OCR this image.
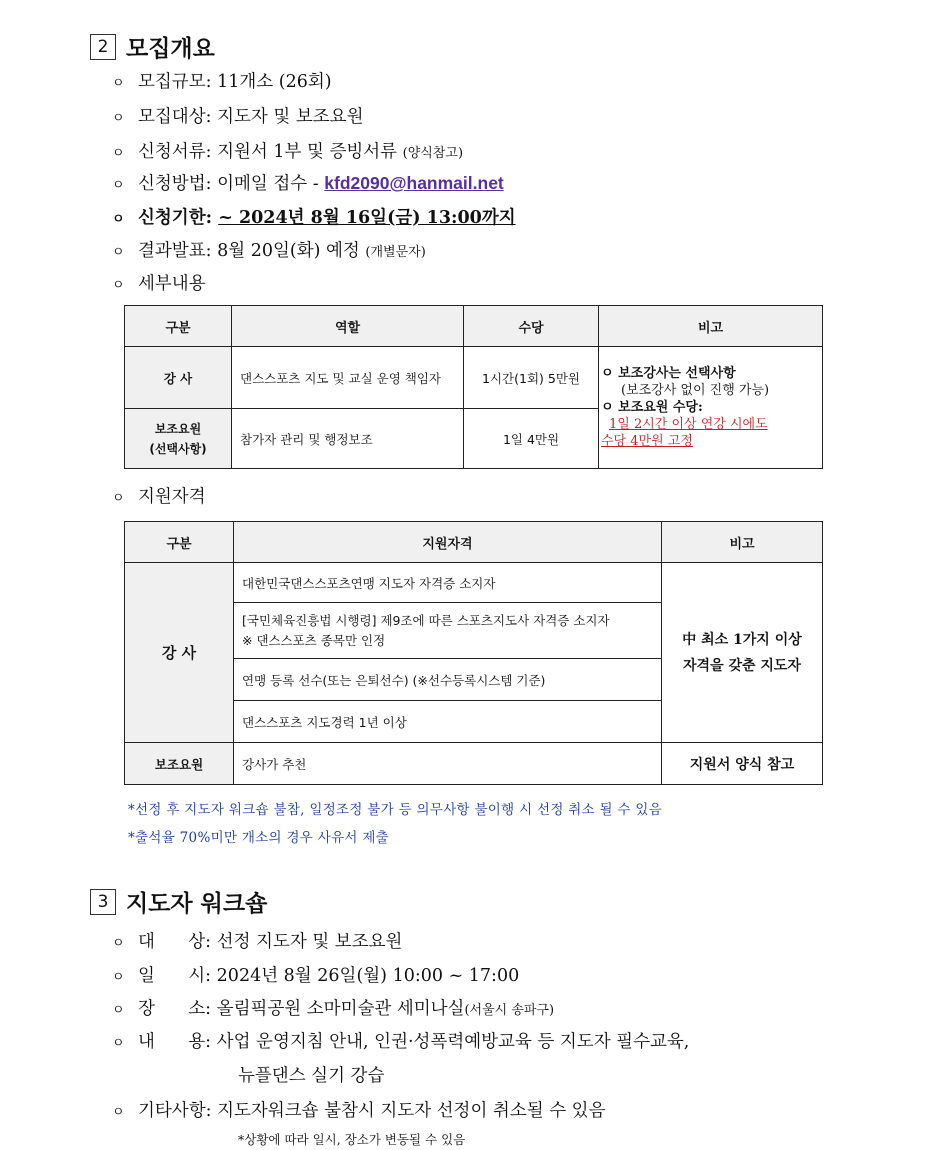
2 모집개요
ㅇ 모집규모: 11개소 (26회)
ㅇ 모집대상: 지도자 및 보조요원
ㅇ 신청서류: 지원서 1부 및 증빙서류 (양식참고)
ㅇ 신청방법: 이메일 접수 - kfd2090@hanmail.net
ㅇ 신청기한: ~ 2024년 8월 16일(금) 13:00까지
ㅇ 결과발표: 8월 20일(화) 예정 (개별문자)
ㅇ 세부내용
구분	역할	수당	비고
강 사	댄스스포츠 지도 및 교실 운영 책임자	1시간(1회) 5만원	ㅇ 보조강사는 선택사항
(보조강사 없이 진행 가능)
ㅇ 보조요원 수당:
1일 2시간 이상 연강 시에도
수당 4만원 고정

보조요원
(선택사항)	참가자 관리 및 행정보조	1일 4만원	
ㅇ 지원자격
구분	지원자격	비고
강 사	대한민국댄스스포츠연맹 지도자 자격증 소지자	中 최소 1가지 이상
자격을 갖춘 지도자

	[국민체육진흥법 시행령] 제9조에 따른 스포츠지도사 자격증 소지자
※ 댄스스포츠 종목만 인정	

	연맹 등록 선수(또는 은퇴선수) (※선수등록시스템 기준)	
	댄스스포츠 지도경력 1년 이상	
보조요원	강사가 추천	지원서 양식 참고
*선정 후 지도자 워크숍 불참, 일정조정 불가 등 의무사항 불이행 시 선정 취소 될 수 있음
*출석율 70%미만 개소의 경우 사유서 제출
3 지도자 워크숍
ㅇ 대      상: 선정 지도자 및 보조요원
ㅇ 일      시: 2024년 8월 26일(월) 10:00 ~ 17:00
ㅇ 장      소: 올림픽공원 소마미술관 세미나실(서울시 송파구)
ㅇ 내      용: 사업 운영지침 안내, 인권·성폭력예방교육 등 지도자 필수교육,
뉴플댄스 실기 강습
ㅇ 기타사항: 지도자워크숍 불참시 지도자 선정이 취소될 수 있음
*상황에 따라 일시, 장소가 변동될 수 있음
